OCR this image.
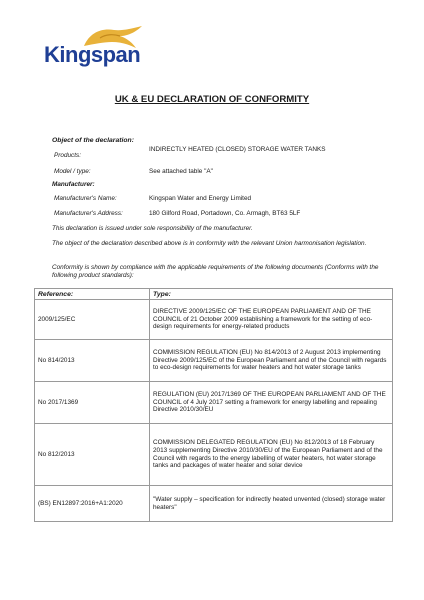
Kingspan
UK & EU DECLARATION OF CONFORMITY
Object of the declaration:
Products:
INDIRECTLY HEATED (CLOSED) STORAGE WATER TANKS
Model / type:	See attached table "A"
Manufacturer:
Manufacturer's Name:	Kingspan Water and Energy Limited
Manufacturer's Address:	180 Gilford Road, Portadown, Co. Armagh, BT63 5LF
This declaration is issued under sole responsibility of the manufacturer.
The object of the declaration described above is in conformity with the relevant Union harmonisation legislation.
Conformity is shown by compliance with the applicable requirements of the following documents (Conforms with the following product standards):
Reference:	Type:
2009/125/EC	DIRECTIVE 2009/125/EC OF THE EUROPEAN PARLIAMENT AND OF THE COUNCIL of 21 October 2009 establishing a framework for the setting of eco-design requirements for energy-related products
No 814/2013	COMMISSION REGULATION (EU) No 814/2013 of 2 August 2013 implementing Directive 2009/125/EC of the European Parliament and of the Council with regards to eco-design requirements for water heaters and hot water storage tanks
No 2017/1369	REGULATION (EU) 2017/1369 OF THE EUROPEAN PARLIAMENT AND OF THE COUNCIL of 4 July 2017 setting a framework for energy labelling and repealing Directive 2010/30/EU
No 812/2013	COMMISSION DELEGATED REGULATION (EU) No 812/2013 of 18 February 2013 supplementing Directive 2010/30/EU of the European Parliament and of the Council with regards to the energy labelling of water heaters, hot water storage tanks and packages of water heater and solar device
(BS) EN12897:2016+A1:2020	"Water supply – specification for indirectly heated unvented (closed) storage water heaters"
